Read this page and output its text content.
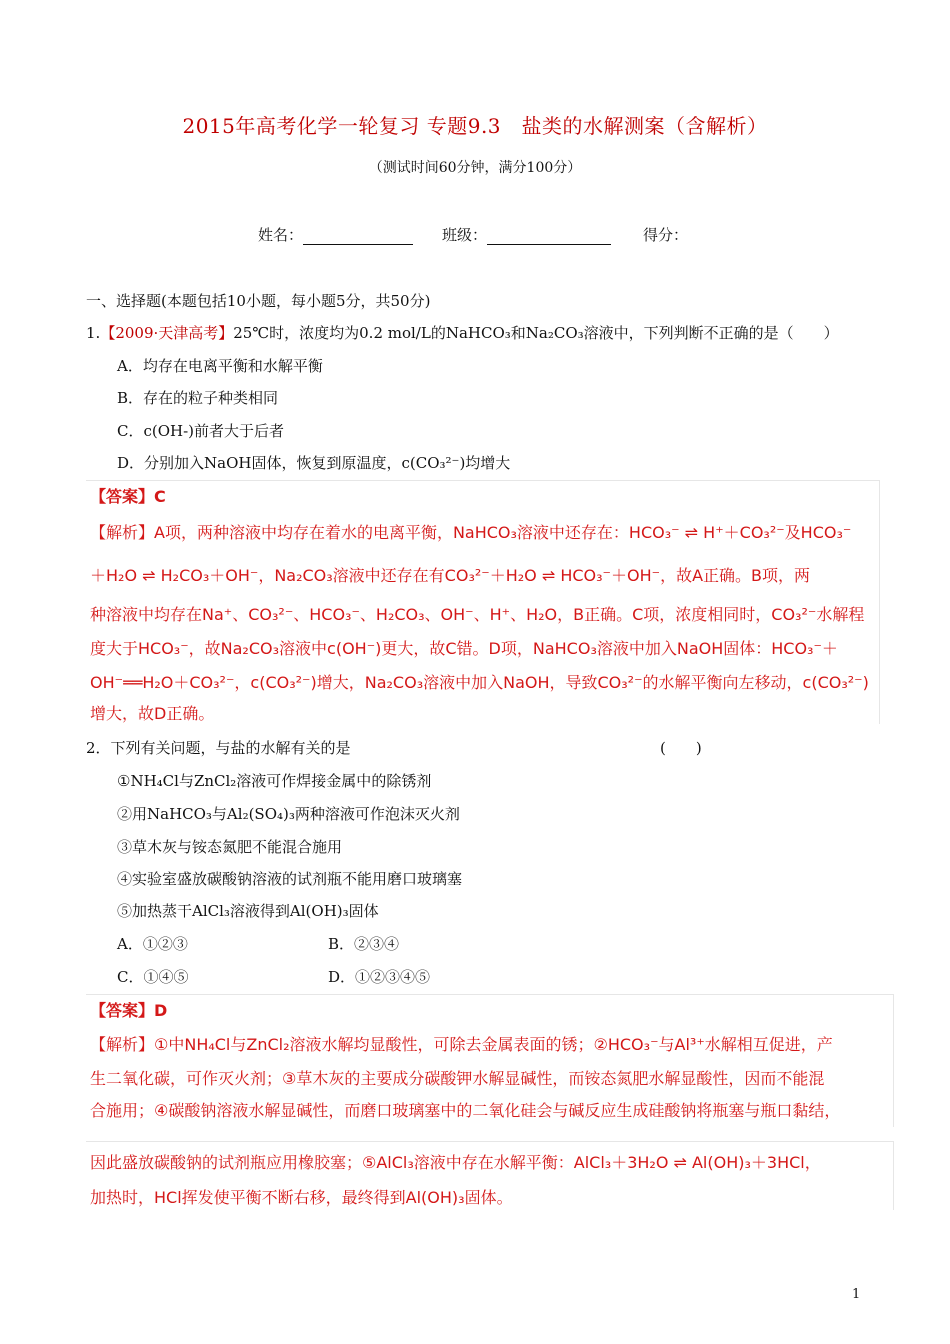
2015年高考化学一轮复习 专题9.3　盐类的水解测案（含解析）
（测试时间60分钟，满分100分）
姓名：	班级：	得分：
一、选择题(本题包括10小题，每小题5分，共50分)
1.【2009·天津高考】25℃时，浓度均为0.2 mol/L的NaHCO₃和Na₂CO₃溶液中，下列判断不正确的是（　　）
A．均存在电离平衡和水解平衡
B．存在的粒子种类相同
C．c(OH-)前者大于后者
D．分别加入NaOH固体，恢复到原温度，c(CO₃²⁻)均增大
【答案】C
【解析】A项，两种溶液中均存在着水的电离平衡，NaHCO₃溶液中还存在：HCO₃⁻ ⇌ H⁺＋CO₃²⁻及HCO₃⁻
＋H₂O ⇌ H₂CO₃＋OH⁻，Na₂CO₃溶液中还存在有CO₃²⁻＋H₂O ⇌ HCO₃⁻＋OH⁻，故A正确。B项，两
种溶液中均存在Na⁺、CO₃²⁻、HCO₃⁻、H₂CO₃、OH⁻、H⁺、H₂O，B正确。C项，浓度相同时，CO₃²⁻水解程
度大于HCO₃⁻，故Na₂CO₃溶液中c(OH⁻)更大，故C错。D项，NaHCO₃溶液中加入NaOH固体：HCO₃⁻＋
OH⁻══H₂O＋CO₃²⁻，c(CO₃²⁻)增大，Na₂CO₃溶液中加入NaOH，导致CO₃²⁻的水解平衡向左移动，c(CO₃²⁻)
增大，故D正确。
2．下列有关问题，与盐的水解有关的是	(　　)
①NH₄Cl与ZnCl₂溶液可作焊接金属中的除锈剂
②用NaHCO₃与Al₂(SO₄)₃两种溶液可作泡沫灭火剂
③草木灰与铵态氮肥不能混合施用
④实验室盛放碳酸钠溶液的试剂瓶不能用磨口玻璃塞
⑤加热蒸干AlCl₃溶液得到Al(OH)₃固体
A．①②③	B．②③④
C．①④⑤	D．①②③④⑤
【答案】D
【解析】①中NH₄Cl与ZnCl₂溶液水解均显酸性，可除去金属表面的锈；②HCO₃⁻与Al³⁺水解相互促进，产
生二氧化碳，可作灭火剂；③草木灰的主要成分碳酸钾水解显碱性，而铵态氮肥水解显酸性，因而不能混
合施用；④碳酸钠溶液水解显碱性，而磨口玻璃塞中的二氧化硅会与碱反应生成硅酸钠将瓶塞与瓶口黏结，
因此盛放碳酸钠的试剂瓶应用橡胶塞；⑤AlCl₃溶液中存在水解平衡：AlCl₃＋3H₂O ⇌ Al(OH)₃＋3HCl，
加热时，HCl挥发使平衡不断右移，最终得到Al(OH)₃固体。
1
